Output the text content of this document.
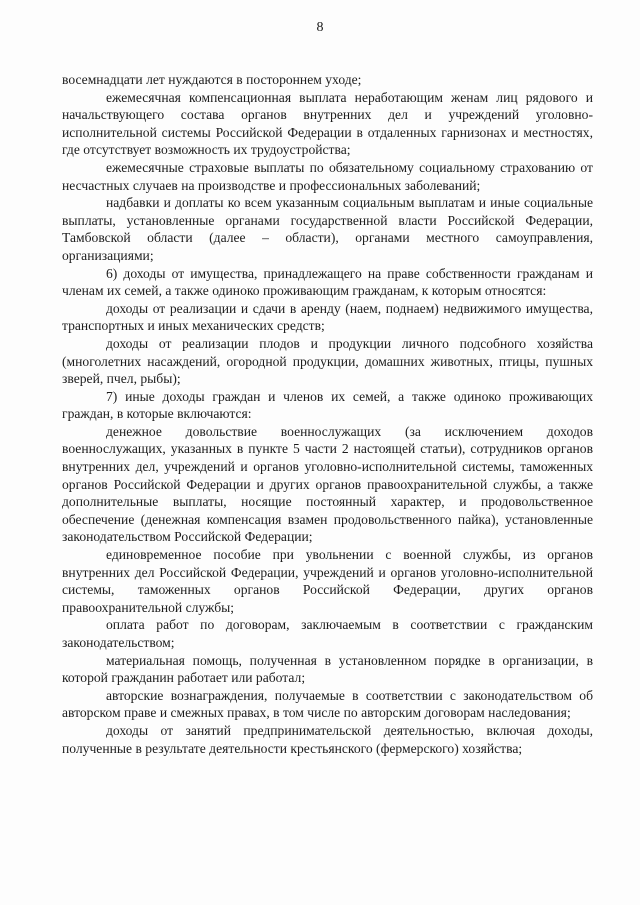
8

восемнадцати лет нуждаются в постороннем уходе;

ежемесячная компенсационная выплата неработающим женам лиц рядового и начальствующего состава органов внутренних дел и учреждений уголовно-исполнительной системы Российской Федерации в отдаленных гарнизонах и местностях, где отсутствует возможность их трудоустройства;

ежемесячные страховые выплаты по обязательному социальному страхованию от несчастных случаев на производстве и профессиональных заболеваний;

надбавки и доплаты ко всем указанным социальным выплатам и иные социальные выплаты, установленные органами государственной власти Российской Федерации, Тамбовской области (далее – области), органами местного самоуправления, организациями;

6) доходы от имущества, принадлежащего на праве собственности гражданам и членам их семей, а также одиноко проживающим гражданам, к которым относятся:

доходы от реализации и сдачи в аренду (наем, поднаем) недвижимого имущества, транспортных и иных механических средств;

доходы от реализации плодов и продукции личного подсобного хозяйства (многолетних насаждений, огородной продукции, домашних животных, птицы, пушных зверей, пчел, рыбы);

7) иные доходы граждан и членов их семей, а также одиноко проживающих граждан, в которые включаются:

денежное довольствие военнослужащих (за исключением доходов военнослужащих, указанных в пункте 5 части 2 настоящей статьи), сотрудников органов внутренних дел, учреждений и органов уголовно-исполнительной системы, таможенных органов Российской Федерации и других органов правоохранительной службы, а также дополнительные выплаты, носящие постоянный характер, и продовольственное обеспечение (денежная компенсация взамен продовольственного пайка), установленные законодательством Российской Федерации;

единовременное пособие при увольнении с военной службы, из органов внутренних дел Российской Федерации, учреждений и органов уголовно-исполнительной системы, таможенных органов Российской Федерации, других органов правоохранительной службы;

оплата работ по договорам, заключаемым в соответствии с гражданским законодательством;

материальная помощь, полученная в установленном порядке в организации, в которой гражданин работает или работал;

авторские вознаграждения, получаемые в соответствии с законодательством об авторском праве и смежных правах, в том числе по авторским договорам наследования;

доходы от занятий предпринимательской деятельностью, включая доходы, полученные в результате деятельности крестьянского (фермерского) хозяйства;
